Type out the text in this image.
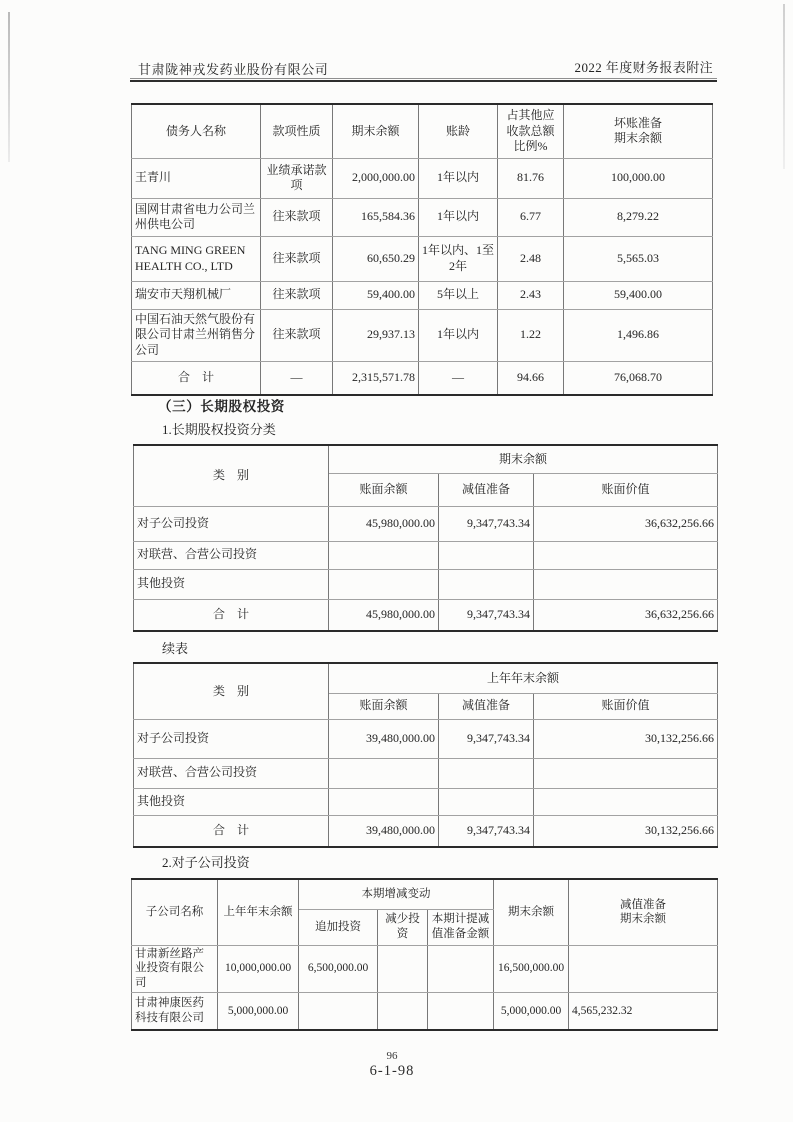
甘肃陇神戎发药业股份有限公司	2022 年度财务报表附注
债务人名称	款项性质	期末余额	账龄	占其他应收款总额比例%	坏账准备期末余额
王青川	业绩承诺款项	2,000,000.00	1年以内	81.76	100,000.00
国网甘肃省电力公司兰州供电公司	往来款项	165,584.36	1年以内	6.77	8,279.22
TANG MING GREEN HEALTH CO., LTD	往来款项	60,650.29	1年以内、1至2年	2.48	5,565.03
瑞安市天翔机械厂	往来款项	59,400.00	5年以上	2.43	59,400.00
中国石油天然气股份有限公司甘肃兰州销售分公司	往来款项	29,937.13	1年以内	1.22	1,496.86
合　计	—	2,315,571.78	—	94.66	76,068.70
（三）长期股权投资
1.长期股权投资分类
类　别	期末余额		
	账面余额	减值准备	账面价值
对子公司投资	45,980,000.00	9,347,743.34	36,632,256.66
对联营、合营公司投资			
其他投资			
合　计	45,980,000.00	9,347,743.34	36,632,256.66
续表
类　别	上年年末余额		
	账面余额	减值准备	账面价值
对子公司投资	39,480,000.00	9,347,743.34	30,132,256.66
对联营、合营公司投资			
其他投资			
合　计	39,480,000.00	9,347,743.34	30,132,256.66
2.对子公司投资
子公司名称	上年年末余额	本期增减变动			期末余额	减值准备期末余额
		追加投资	减少投资	本期计提减值准备金额		
甘肃新丝路产业投资有限公司	10,000,000.00	6,500,000.00			16,500,000.00	
甘肃神康医药科技有限公司	5,000,000.00				5,000,000.00	4,565,232.32
96
6-1-98
